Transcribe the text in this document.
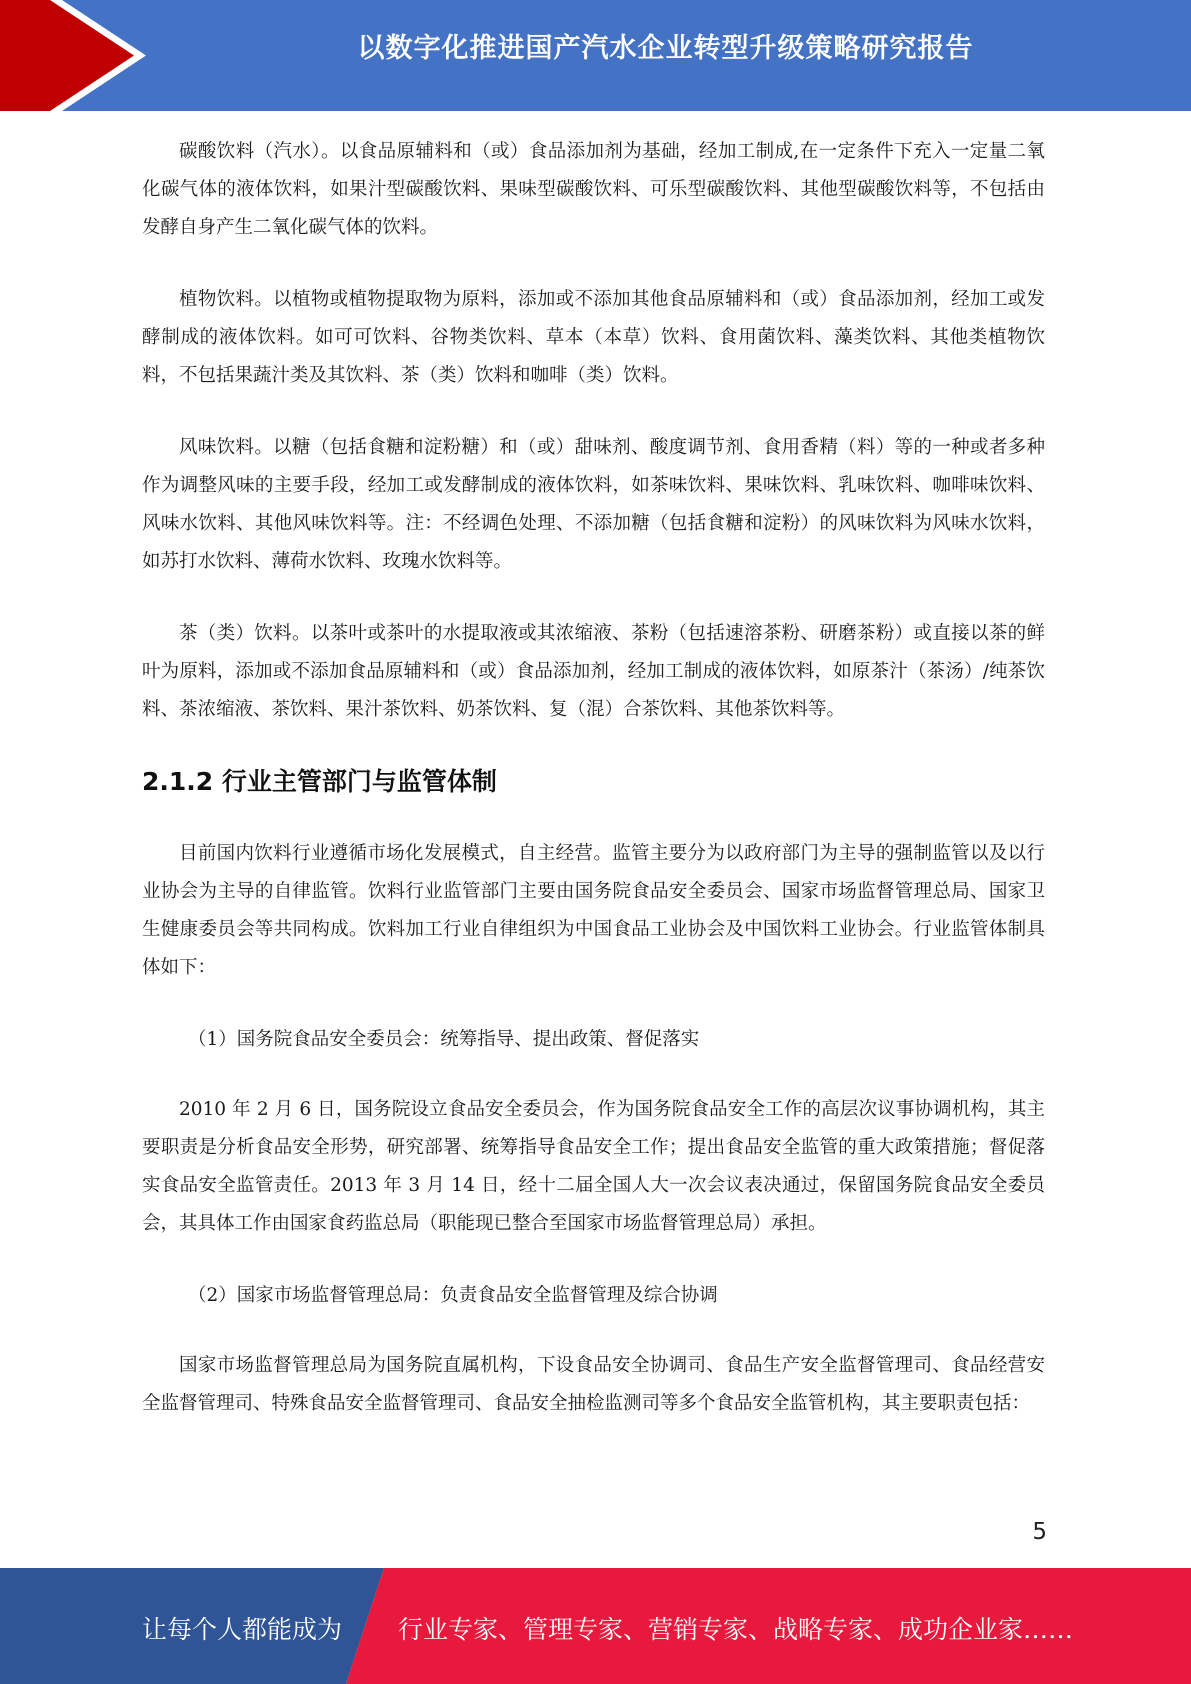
以数字化推进国产汽水企业转型升级策略研究报告

碳酸饮料（汽水）。以食品原辅料和（或）食品添加剂为基础，经加工制成,在一定条件下充入一定量二氧化碳气体的液体饮料，如果汁型碳酸饮料、果味型碳酸饮料、可乐型碳酸饮料、其他型碳酸饮料等，不包括由发酵自身产生二氧化碳气体的饮料。

植物饮料。以植物或植物提取物为原料，添加或不添加其他食品原辅料和（或）食品添加剂，经加工或发酵制成的液体饮料。如可可饮料、谷物类饮料、草本（本草）饮料、食用菌饮料、藻类饮料、其他类植物饮料，不包括果蔬汁类及其饮料、茶（类）饮料和咖啡（类）饮料。

风味饮料。以糖（包括食糖和淀粉糖）和（或）甜味剂、酸度调节剂、食用香精（料）等的一种或者多种作为调整风味的主要手段，经加工或发酵制成的液体饮料，如茶味饮料、果味饮料、乳味饮料、咖啡味饮料、风味水饮料、其他风味饮料等。注：不经调色处理、不添加糖（包括食糖和淀粉）的风味饮料为风味水饮料，如苏打水饮料、薄荷水饮料、玫瑰水饮料等。

茶（类）饮料。以茶叶或茶叶的水提取液或其浓缩液、茶粉（包括速溶茶粉、研磨茶粉）或直接以茶的鲜叶为原料，添加或不添加食品原辅料和（或）食品添加剂，经加工制成的液体饮料，如原茶汁（茶汤）/纯茶饮料、茶浓缩液、茶饮料、果汁茶饮料、奶茶饮料、复（混）合茶饮料、其他茶饮料等。

2.1.2 行业主管部门与监管体制

目前国内饮料行业遵循市场化发展模式，自主经营。监管主要分为以政府部门为主导的强制监管以及以行业协会为主导的自律监管。饮料行业监管部门主要由国务院食品安全委员会、国家市场监督管理总局、国家卫生健康委员会等共同构成。饮料加工行业自律组织为中国食品工业协会及中国饮料工业协会。行业监管体制具体如下：

（1）国务院食品安全委员会：统筹指导、提出政策、督促落实

2010 年 2 月 6 日，国务院设立食品安全委员会，作为国务院食品安全工作的高层次议事协调机构，其主要职责是分析食品安全形势，研究部署、统筹指导食品安全工作；提出食品安全监管的重大政策措施；督促落实食品安全监管责任。2013 年 3 月 14 日，经十二届全国人大一次会议表决通过，保留国务院食品安全委员会，其具体工作由国家食药监总局（职能现已整合至国家市场监督管理总局）承担。

（2）国家市场监督管理总局：负责食品安全监督管理及综合协调

国家市场监督管理总局为国务院直属机构，下设食品安全协调司、食品生产安全监督管理司、食品经营安全监督管理司、特殊食品安全监督管理司、食品安全抽检监测司等多个食品安全监管机构，其主要职责包括：

5
让每个人都能成为 行业专家、管理专家、营销专家、战略专家、成功企业家……
